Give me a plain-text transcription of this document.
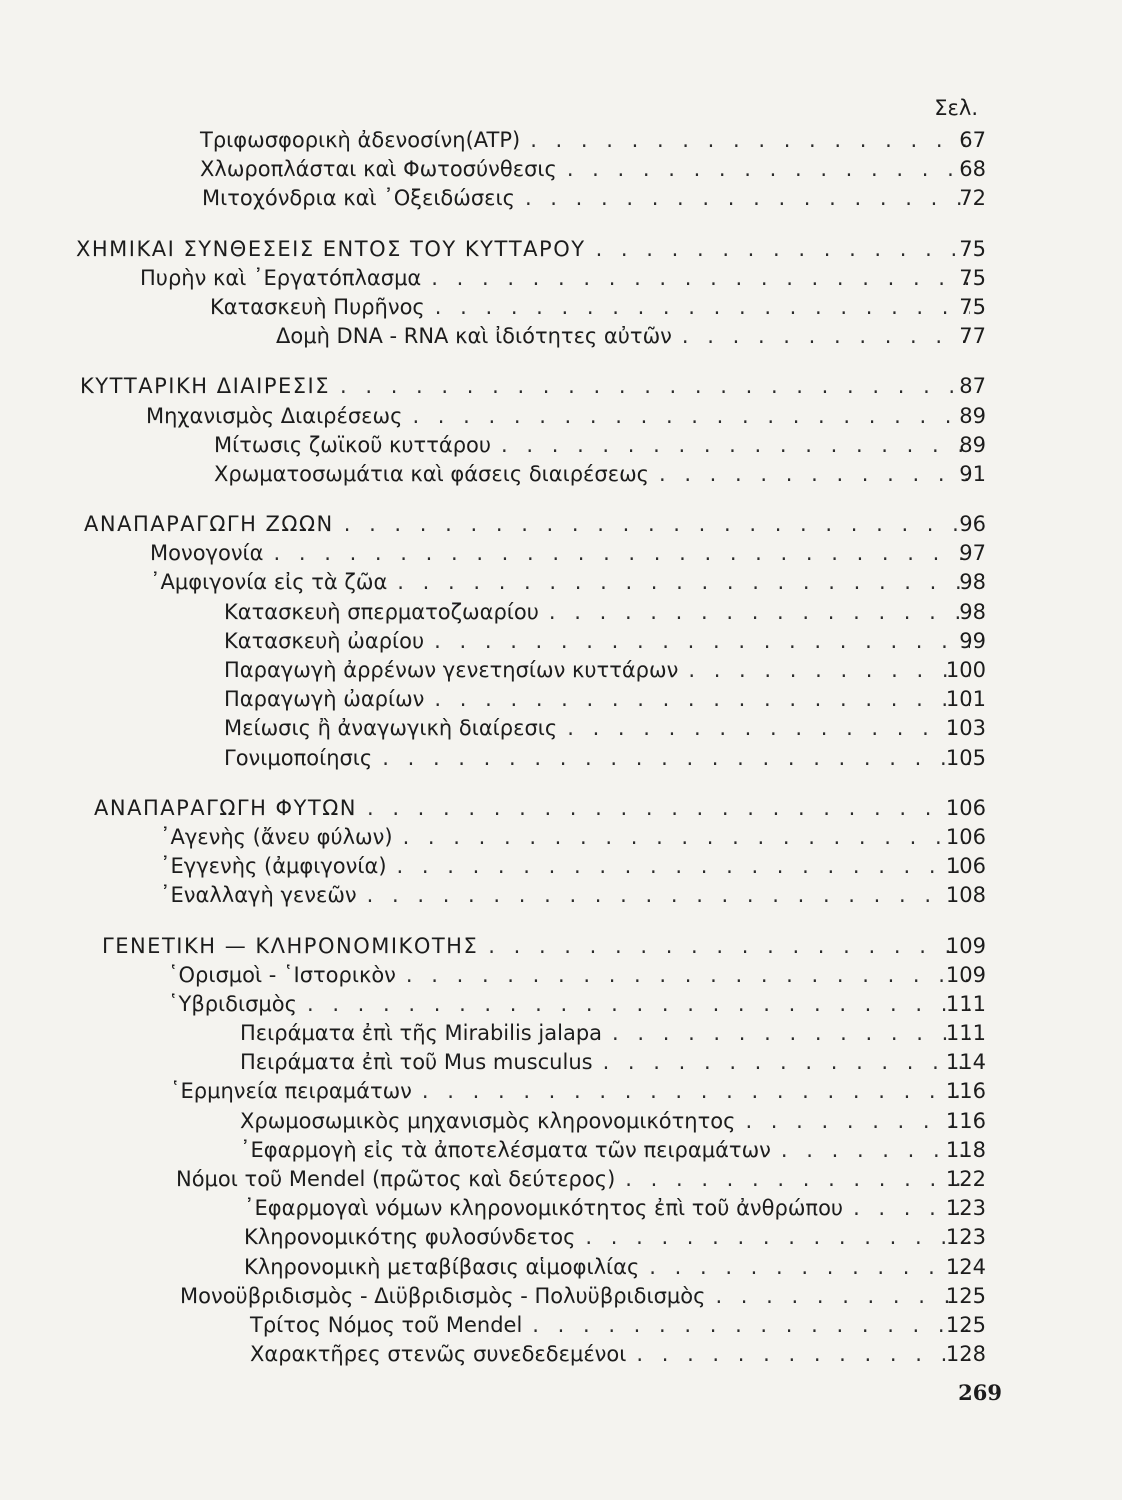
Σελ.
Τριφωσφορικὴ ἀδενοσίνη(ATP) . . .	67
Χλωροπλάσται καὶ Φωτοσύνθεσις . . .	68
Μιτοχόνδρια καὶ ᾿Οξειδώσεις . . .	72
ΧΗΜΙΚΑΙ ΣΥΝΘΕΣΕΙΣ ΕΝΤΟΣ ΤΟΥ ΚΥΤΤΑΡΟΥ . . .	75
Πυρὴν καὶ ᾿Εργατόπλασμα . . .	75
Κατασκευὴ Πυρῆνος . . .	75
Δομὴ DNA - RNA καὶ ἰδιότητες αὐτῶν . . .	77
ΚΥΤΤΑΡΙΚΗ ΔΙΑΙΡΕΣΙΣ . . .	87
Μηχανισμὸς Διαιρέσεως . . .	89
Μίτωσις ζωϊκοῦ κυττάρου . . .	89
Χρωματοσωμάτια καὶ φάσεις διαιρέσεως . . .	91
ΑΝΑΠΑΡΑΓΩΓΗ ΖΩΩΝ . . .	96
Μονογονία . . .	97
᾿Αμφιγονία εἰς τὰ ζῶα . . .	98
Κατασκευὴ σπερματοζωαρίου . . .	98
Κατασκευὴ ὠαρίου . . .	99
Παραγωγὴ ἀρρένων γενετησίων κυττάρων . . .	100
Παραγωγὴ ὠαρίων . . .	101
Μείωσις ἢ ἀναγωγικὴ διαίρεσις . . .	103
Γονιμοποίησις . . .	105
ΑΝΑΠΑΡΑΓΩΓΗ ΦΥΤΩΝ . . .	106
᾿Αγενὴς (ἄνευ φύλων) . . .	106
᾿Εγγενὴς (ἀμφιγονία) . . .	106
᾿Εναλλαγὴ γενεῶν . . .	108
ΓΕΝΕΤΙΚΗ — ΚΛΗΡΟΝΟΜΙΚΟΤΗΣ . . .	109
῾Ορισμοὶ - ῾Ιστορικὸν . . .	109
῾Υβριδισμὸς . . .	111
Πειράματα ἐπὶ τῆς Mirabilis jalapa . . .	111
Πειράματα ἐπὶ τοῦ Mus musculus . . .	114
῾Ερμηνεία πειραμάτων . . .	116
Χρωμοσωμικὸς μηχανισμὸς κληρονομικότητος . . .	116
᾿Εφαρμογὴ εἰς τὰ ἀποτελέσματα τῶν πειραμάτων . . .	118
Νόμοι τοῦ Mendel (πρῶτος καὶ δεύτερος) . . .	122
᾿Εφαρμογαὶ νόμων κληρονομικότητος ἐπὶ τοῦ ἀνθρώπου . . .	123
Κληρονομικότης φυλοσύνδετος . . .	123
Κληρονομικὴ μεταβίβασις αἱμοφιλίας . . .	124
Μονοϋβριδισμὸς - Διϋβριδισμὸς - Πολυϋβριδισμὸς . . .	125
Τρίτος Νόμος τοῦ Mendel . . .	125
Χαρακτῆρες στενῶς συνεδεδεμένοι . . .	128
269
